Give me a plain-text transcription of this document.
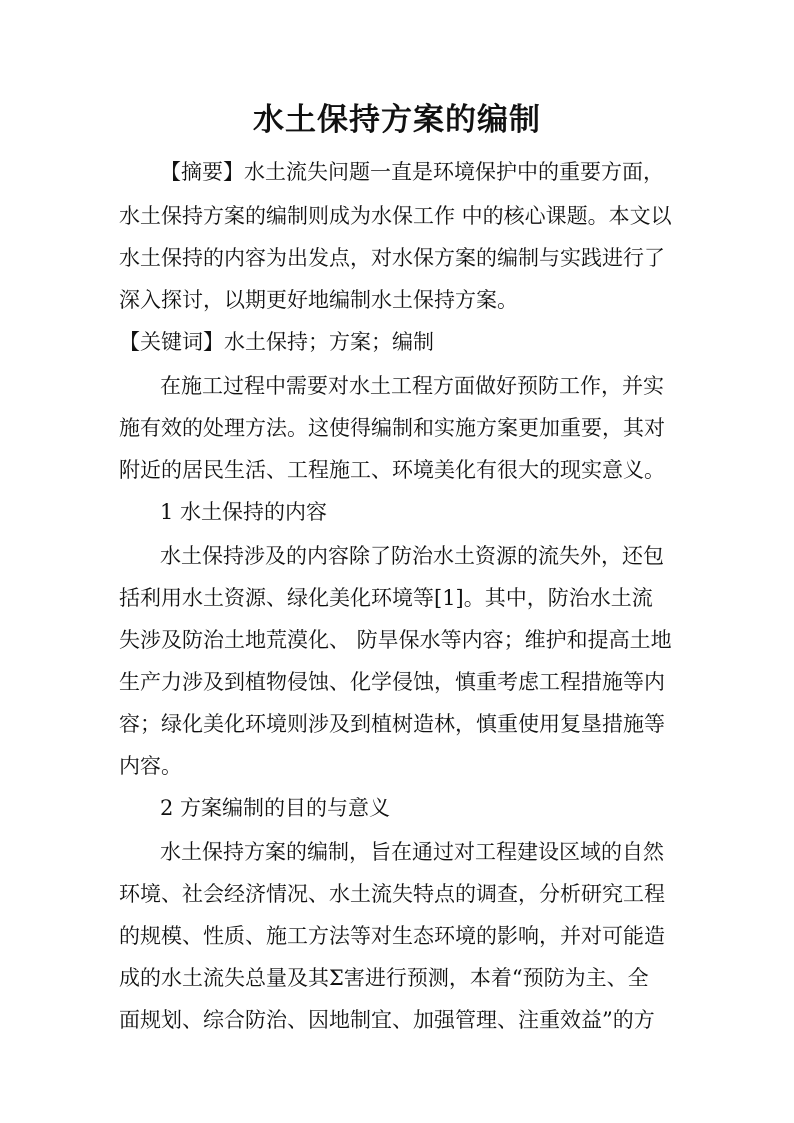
水土保持方案的编制

【摘要】水土流失问题一直是环境保护中的重要方面，

水土保持方案的编制则成为水保工作 中的核心课题。本文以

水土保持的内容为出发点，对水保方案的编制与实践进行了

深入探讨，以期更好地编制水土保持方案。

【关键词】水土保持；方案；编制

在施工过程中需要对水土工程方面做好预防工作，并实

施有效的处理方法。这使得编制和实施方案更加重要，其对

附近的居民生活、工程施工、环境美化有很大的现实意义。

1 水土保持的内容

水土保持涉及的内容除了防治水土资源的流失外，还包

括利用水土资源、绿化美化环境等[1]。其中，防治水土流

失涉及防治土地荒漠化、 防旱保水等内容；维护和提高土地

生产力涉及到植物侵蚀、化学侵蚀，慎重考虑工程措施等内

容；绿化美化环境则涉及到植树造林，慎重使用复垦措施等

内容。

2 方案编制的目的与意义

水土保持方案的编制，旨在通过对工程建设区域的自然

环境、社会经济情况、水土流失特点的调查，分析研究工程

的规模、性质、施工方法等对生态环境的影响，并对可能造

成的水土流失总量及其Σ害进行预测，本着“预防为主、全

面规划、综合防治、因地制宜、加强管理、注重效益”的方
